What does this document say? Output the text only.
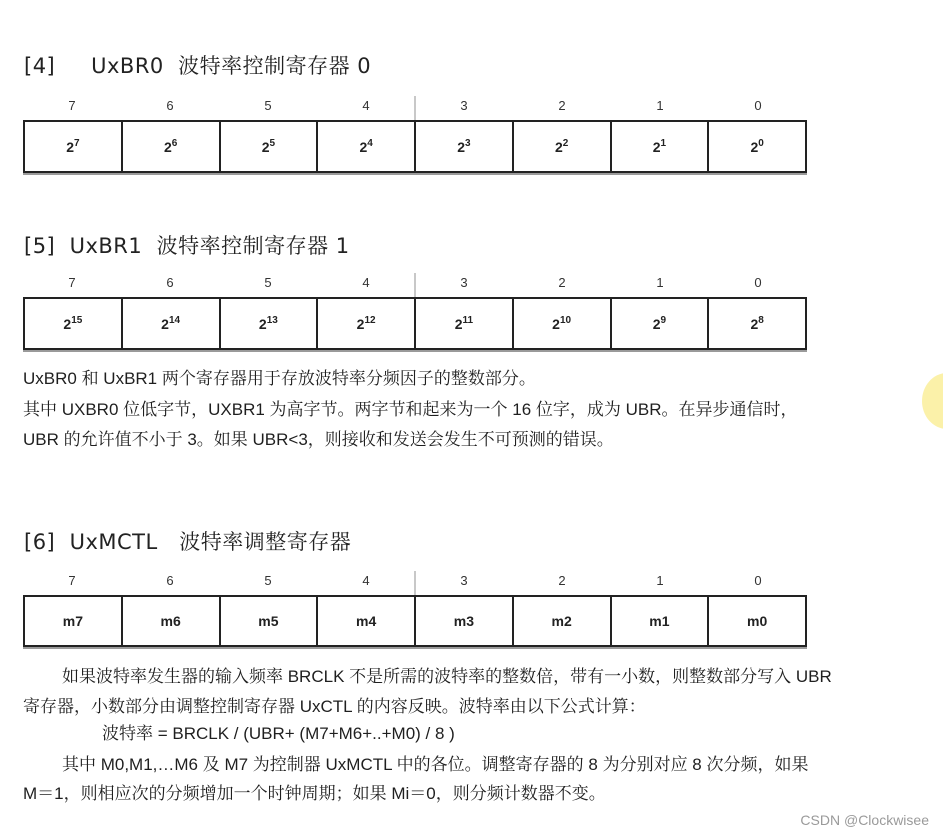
[4]     UxBR0  波特率控制寄存器 0
7	6	5	4	3	2	1	0
$2^7$	$2^6$	$2^5$	$2^4$	$2^3$	$2^2$	$2^1$	$2^0$
[5]  UxBR1  波特率控制寄存器 1
7	6	5	4	3	2	1	0
$2^{15}$	$2^{14}$	$2^{13}$	$2^{12}$	$2^{11}$	$2^{10}$	$2^9$	$2^8$
UxBR0 和 UxBR1 两个寄存器用于存放波特率分频因子的整数部分。
其中 UXBR0 位低字节，UXBR1 为高字节。两字节和起来为一个 16 位字，成为 UBR。在异步通信时，
UBR 的允许值不小于 3。如果 UBR<3，则接收和发送会发生不可预测的错误。
[6]  UxMCTL   波特率调整寄存器
7	6	5	4	3	2	1	0
m7	m6	m5	m4	m3	m2	m1	m0
如果波特率发生器的输入频率 BRCLK 不是所需的波特率的整数倍，带有一小数，则整数部分写入 UBR
寄存器，小数部分由调整控制寄存器 UxCTL 的内容反映。波特率由以下公式计算：
波特率 = BRCLK / (UBR+ (M7+M6+..+M0) / 8 )
其中 M0,M1,…M6 及 M7 为控制器 UxMCTL 中的各位。调整寄存器的 8 为分别对应 8 次分频，如果
M＝1，则相应次的分频增加一个时钟周期；如果 Mi＝0，则分频计数器不变。
CSDN @Clockwisee
